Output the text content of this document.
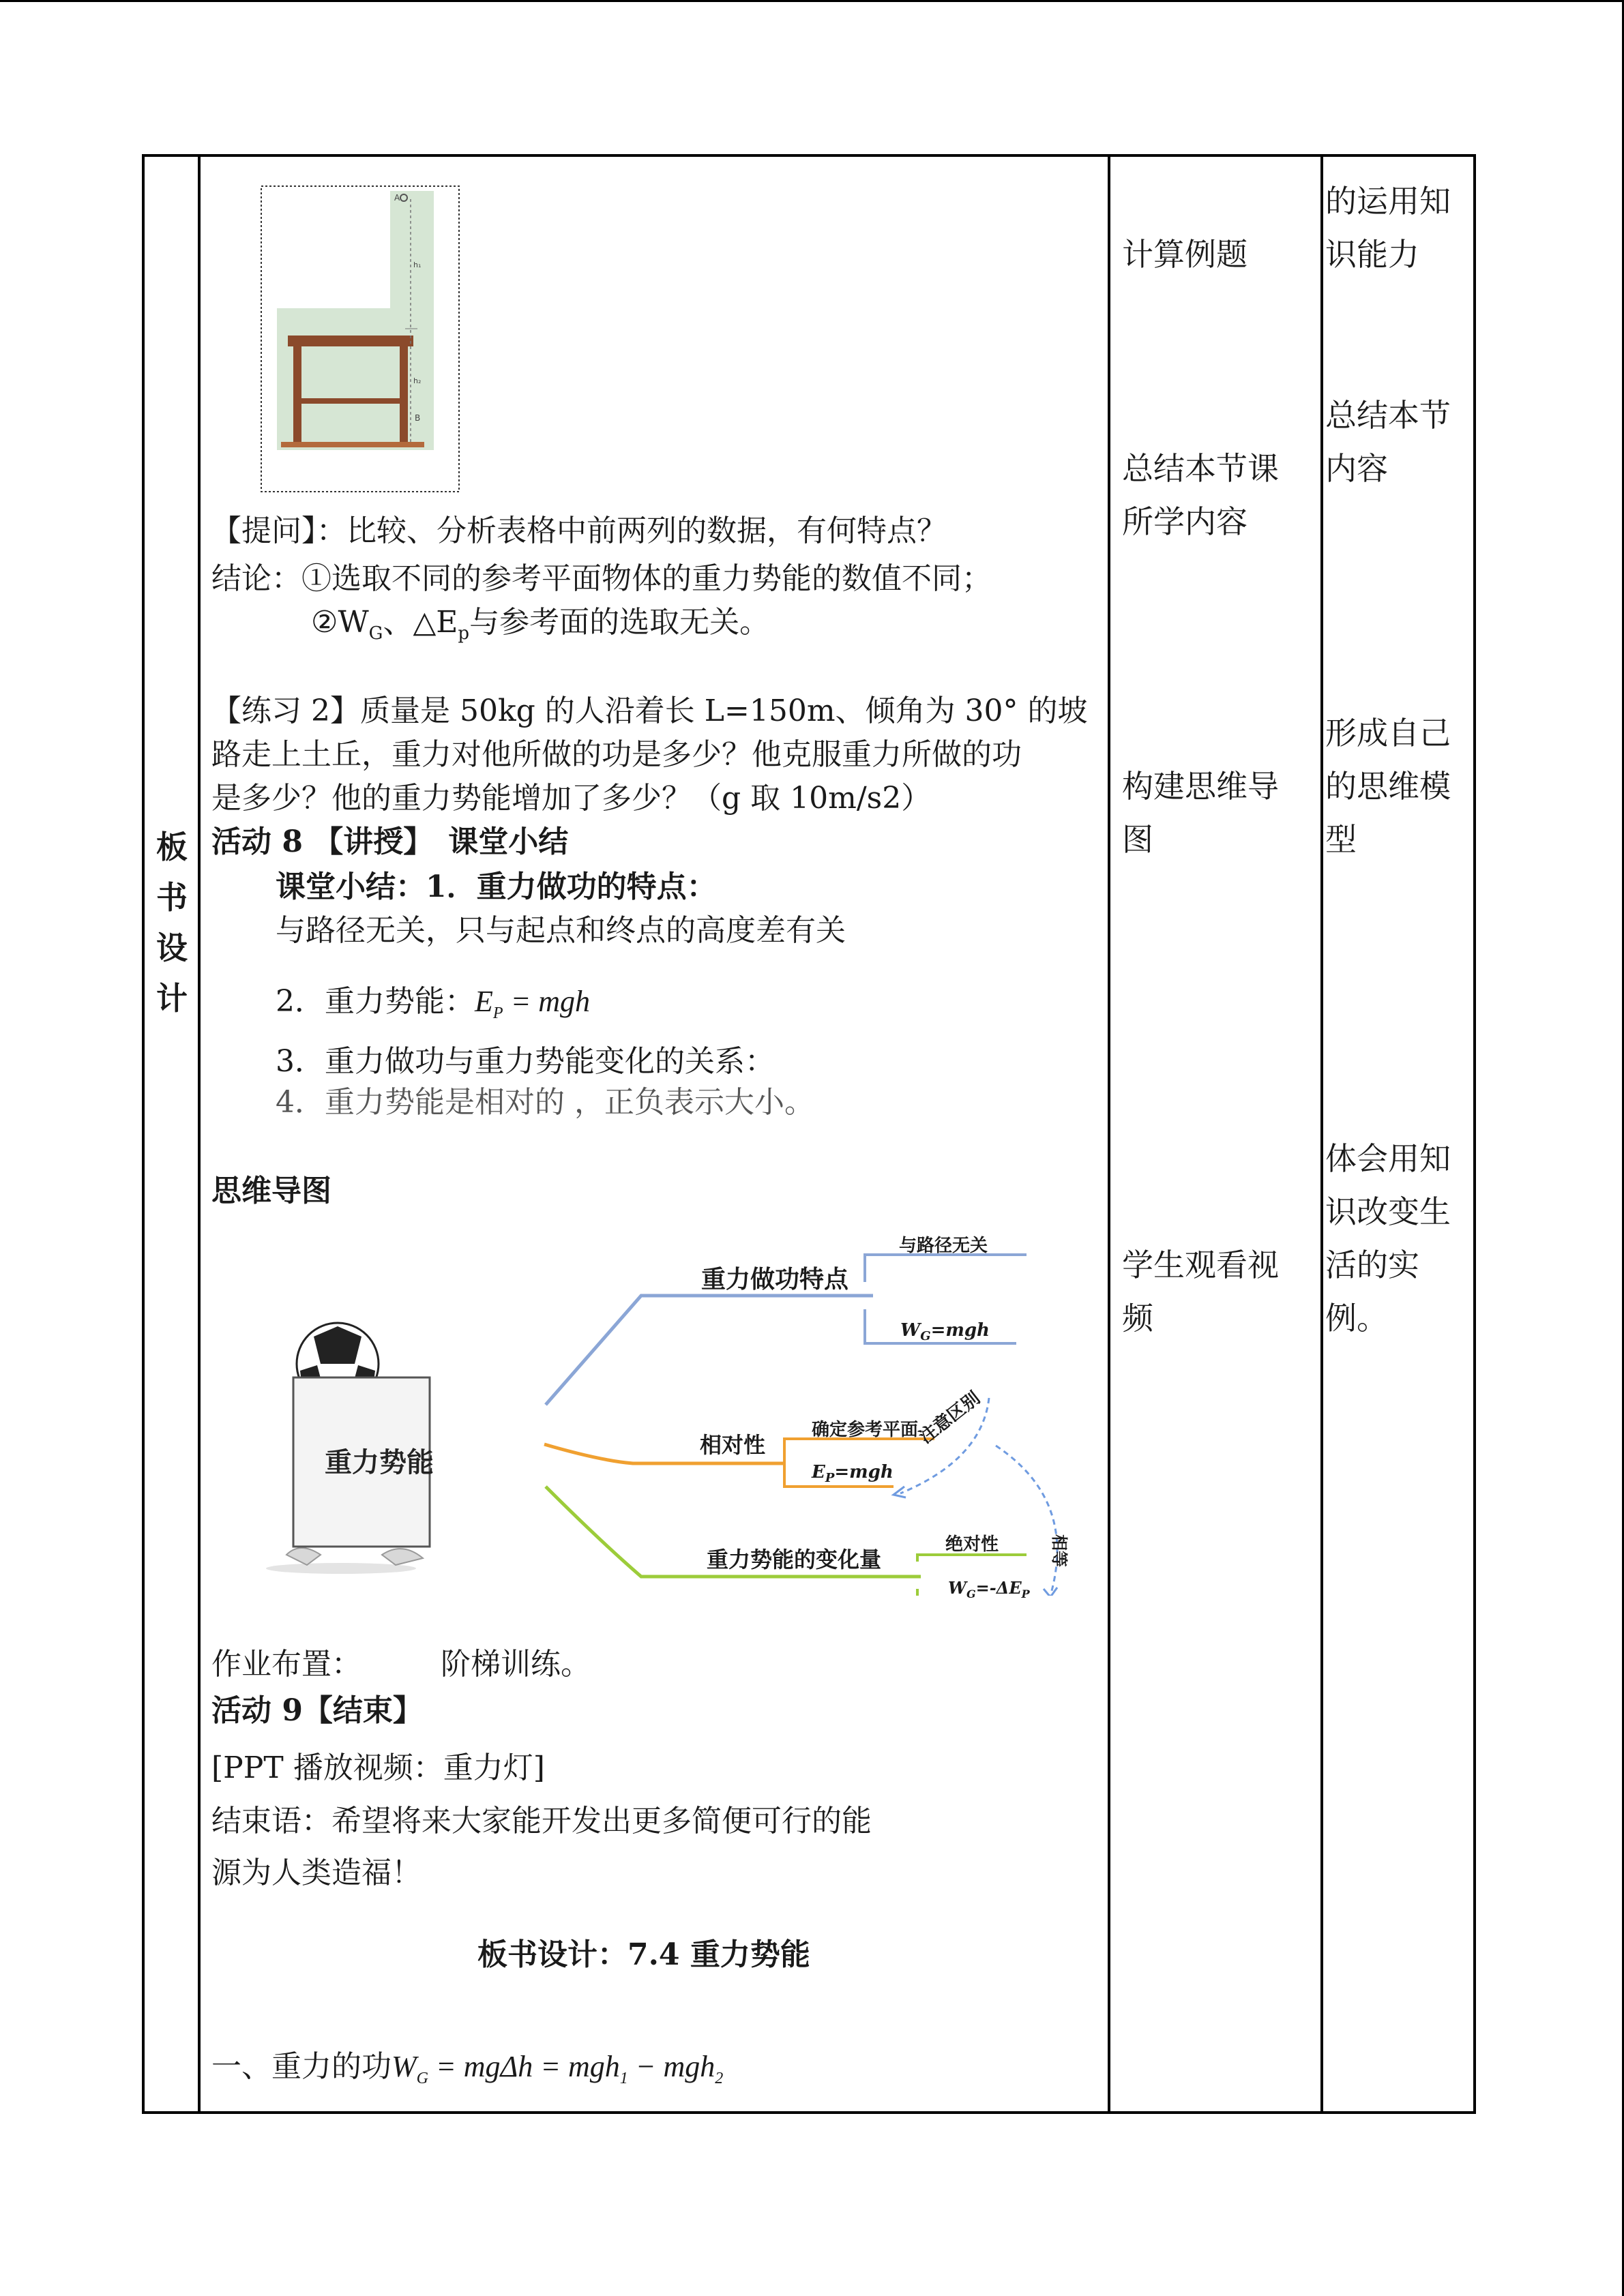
板
书
设
计
A
h₁
h₂
B
【提问】：比较、分析表格中前两列的数据，有何特点？
结论：①选取不同的参考平面物体的重力势能的数值不同；
$②W_G$、$\triangle E_p$与参考面的选取无关。
【练习 2】质量是 50kg 的人沿着长 L=150m、倾角为 30° 的坡
路走上土丘，重力对他所做的功是多少？他克服重力所做的功
是多少？他的重力势能增加了多少？（g 取 10m/s2）
活动 8 【讲授】　课堂小结
课堂小结：1．重力做功的特点：
与路径无关，只与起点和终点的高度差有关
2．重力势能：$E_P$ = mgh
3．重力做功与重力势能变化的关系：
4．重力势能是相对的 ，正负表示大小。
思维导图
重力势能
重力做功特点
与路径无关
$W_G=mgh$
相对性
确定参考平面
$E_P=mgh$
注意区别
重力势能的变化量
绝对性
$W_G=-\Delta E_P$
相等
作业布置：	阶梯训练。
活动 9【结束】
[PPT 播放视频：重力灯]
结束语：希望将来大家能开发出更多简便可行的能
源为人类造福！
板书设计：7.4 重力势能
一、重力的功$W_G = mg\Delta h = mgh_1 - mgh_2$
计算例题
总结本节课
所学内容
构建思维导
图
学生观看视
频
的运用知
识能力
总结本节
内容
形成自己
的思维模
型
体会用知
识改变生
活的实
例。
